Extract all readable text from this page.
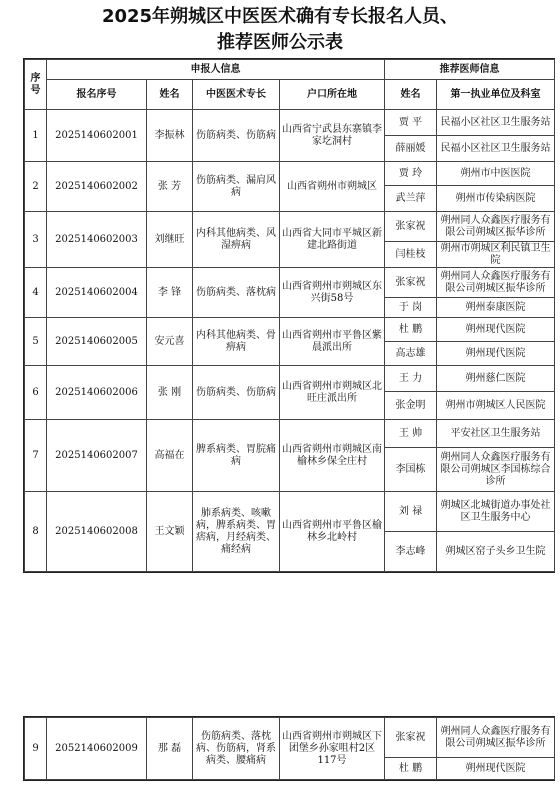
2025年朔城区中医医术确有专长报名人员、
推荐医师公示表
序号	申报人信息				推荐医师信息	
	报名序号	姓名	中医医术专长	户口所在地	姓名	第一执业单位及科室
1	2025140602001	李振林	伤筋病类、伤筋病	山西省宁武县东寨镇李家圪洞村	贾 平	民福小区社区卫生服务站
					薛丽媛	民福小区社区卫生服务站
2	2025140602002	张 芳	伤筋病类、漏肩风病	山西省朔州市朔城区	贾 玲	朔州市中医医院
					武兰萍	朔州市传染病医院
3	2025140602003	刘继旺	内科其他病类、风湿痹病	山西省大同市平城区新建北路街道	张家祝	朔州同人众鑫医疗服务有限公司朔城区振华诊所
					闫桂枝	朔州市朔城区利民镇卫生院
4	2025140602004	李 锋	伤筋病类、落枕病	山西省朔州市朔城区东兴街58号	张家祝	朔州同人众鑫医疗服务有限公司朔城区振华诊所
					于 岗	朔州泰康医院
5	2025140602005	安元喜	内科其他病类、骨痹病	山西省朔州市平鲁区紫晨派出所	杜 鹏	朔州现代医院
					高志雄	朔州现代医院
6	2025140602006	张 刚	伤筋病类、伤筋病	山西省朔州市朔城区北旺庄派出所	王 力	朔州慈仁医院
					张金明	朔州市朔城区人民医院
7	2025140602007	高福在	脾系病类、胃脘痛病	山西省朔州市朔城区南榆林乡保全庄村	王 帅	平安社区卫生服务站
					李国栋	朔州同人众鑫医疗服务有限公司朔城区李国栋综合诊所
8	2025140602008	王文颖	肺系病类、咳嗽病，脾系病类、胃痞病，月经病类、痛经病	山西省朔州市平鲁区榆林乡北岭村	刘 禄	朔城区北城街道办事处社区卫生服务中心
					李志峰	朔城区窑子头乡卫生院
9	2052140602009	那 磊	伤筋病类、落枕病、伤筋病，肾系病类、腰痛病	山西省朔州市朔城区下团堡乡孙家咀村2区117号	张家祝	朔州同人众鑫医疗服务有限公司朔城区振华诊所
					杜 鹏	朔州现代医院
